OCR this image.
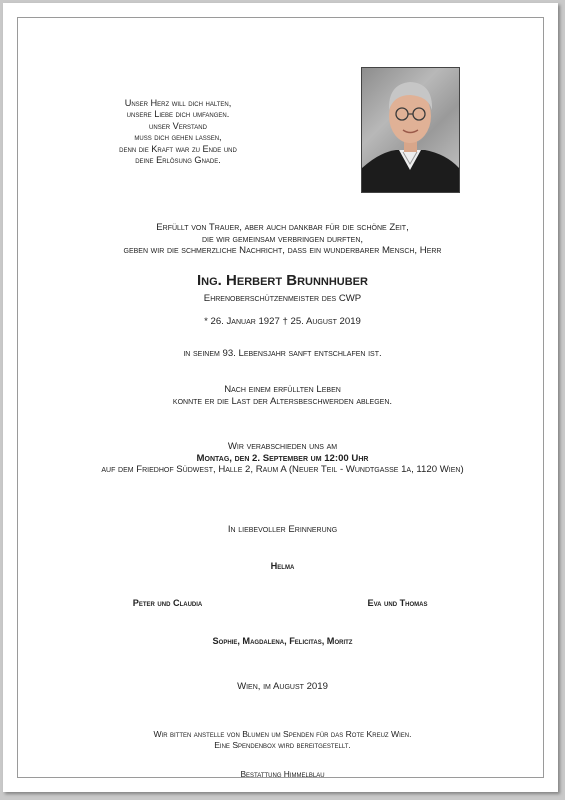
Unser Herz will dich halten,
unsere Liebe dich umfangen.
unser Verstand
muss dich gehen lassen,
denn die Kraft war zu Ende und
deine Erlösung Gnade.
Erfüllt von Trauer, aber auch dankbar für die schöne Zeit,
die wir gemeinsam verbringen durften,
geben wir die schmerzliche Nachricht, dass ein wunderbarer Mensch, Herr
Ing. Herbert Brunnhuber
Ehrenoberschützenmeister des CWP
* 26. Januar 1927 † 25. August 2019
in seinem 93. Lebensjahr sanft entschlafen ist.
Nach einem erfüllten Leben
konnte er die Last der Altersbeschwerden ablegen.
Wir verabschieden uns am
Montag, den 2. September um 12:00 Uhr
auf dem Friedhof Südwest, Halle 2, Raum A (Neuer Teil - Wundtgasse 1a, 1120 Wien)
In liebevoller Erinnerung
Helma
Peter und Claudia	Eva und Thomas
Sophie, Magdalena, Felicitas, Moritz
Wien, im August 2019
Wir bitten anstelle von Blumen um Spenden für das Rote Kreuz Wien.
Eine Spendenbox wird bereitgestellt.
Bestattung Himmelblau
